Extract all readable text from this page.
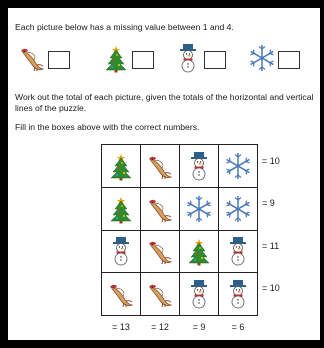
Each picture below has a missing value between 1 and 4.
Work out the total of each picture, given the totals of the horizontal and vertical lines of the puzzle.
Fill in the boxes above with the correct numbers.
= 10
= 9
= 11
= 10
= 13	= 12	= 9	= 6
